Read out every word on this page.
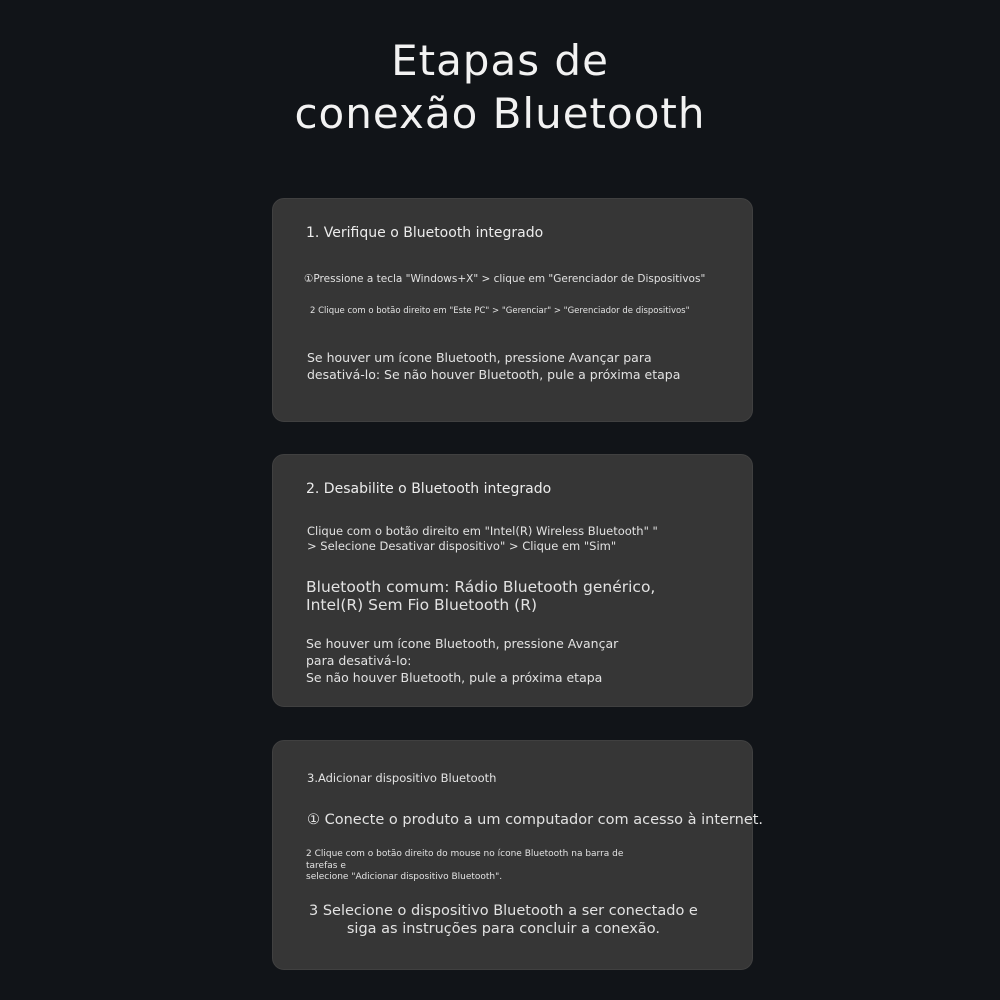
Etapas de
conexão Bluetooth

1. Verifique o Bluetooth integrado

①Pressione a tecla "Windows+X" > clique em "Gerenciador de Dispositivos"

2 Clique com o botão direito em "Este PC" > "Gerenciar" > "Gerenciador de dispositivos"

Se houver um ícone Bluetooth, pressione Avançar para
desativá-lo: Se não houver Bluetooth, pule a próxima etapa

2. Desabilite o Bluetooth integrado

Clique com o botão direito em "Intel(R) Wireless Bluetooth" "
> Selecione Desativar dispositivo" > Clique em "Sim"
Bluetooth comum: Rádio Bluetooth genérico,
Intel(R) Sem Fio Bluetooth (R)
Se houver um ícone Bluetooth, pressione Avançar
para desativá-lo:
Se não houver Bluetooth, pule a próxima etapa

3.Adicionar dispositivo Bluetooth

① Conecte o produto a um computador com acesso à internet.

2 Clique com o botão direito do mouse no ícone Bluetooth na barra de
tarefas e
selecione "Adicionar dispositivo Bluetooth".
3 Selecione o dispositivo Bluetooth a ser conectado e
siga as instruções para concluir a conexão.
